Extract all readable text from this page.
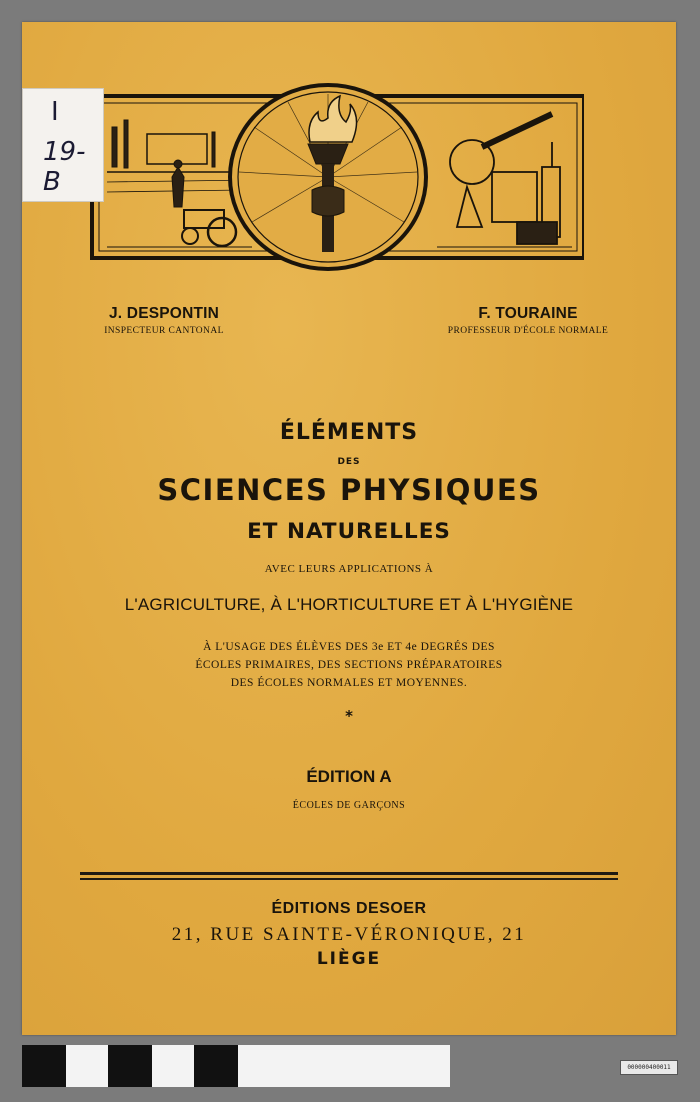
I
19-B
J. DESPONTIN
INSPECTEUR CANTONAL
F. TOURAINE
PROFESSEUR D'ÉCOLE NORMALE
ÉLÉMENTS
DES
SCIENCES PHYSIQUES
ET NATURELLES
AVEC LEURS APPLICATIONS À
L'AGRICULTURE, À L'HORTICULTURE ET À L'HYGIÈNE
À L'USAGE DES ÉLÈVES DES 3e ET 4e DEGRÉS DES
ÉCOLES PRIMAIRES, DES SECTIONS PRÉPARATOIRES
DES ÉCOLES NORMALES ET MOYENNES.
*
ÉDITION A
ÉCOLES DE GARÇONS
ÉDITIONS DESOER
21, RUE SAINTE-VÉRONIQUE, 21
LIÈGE
000000400011
